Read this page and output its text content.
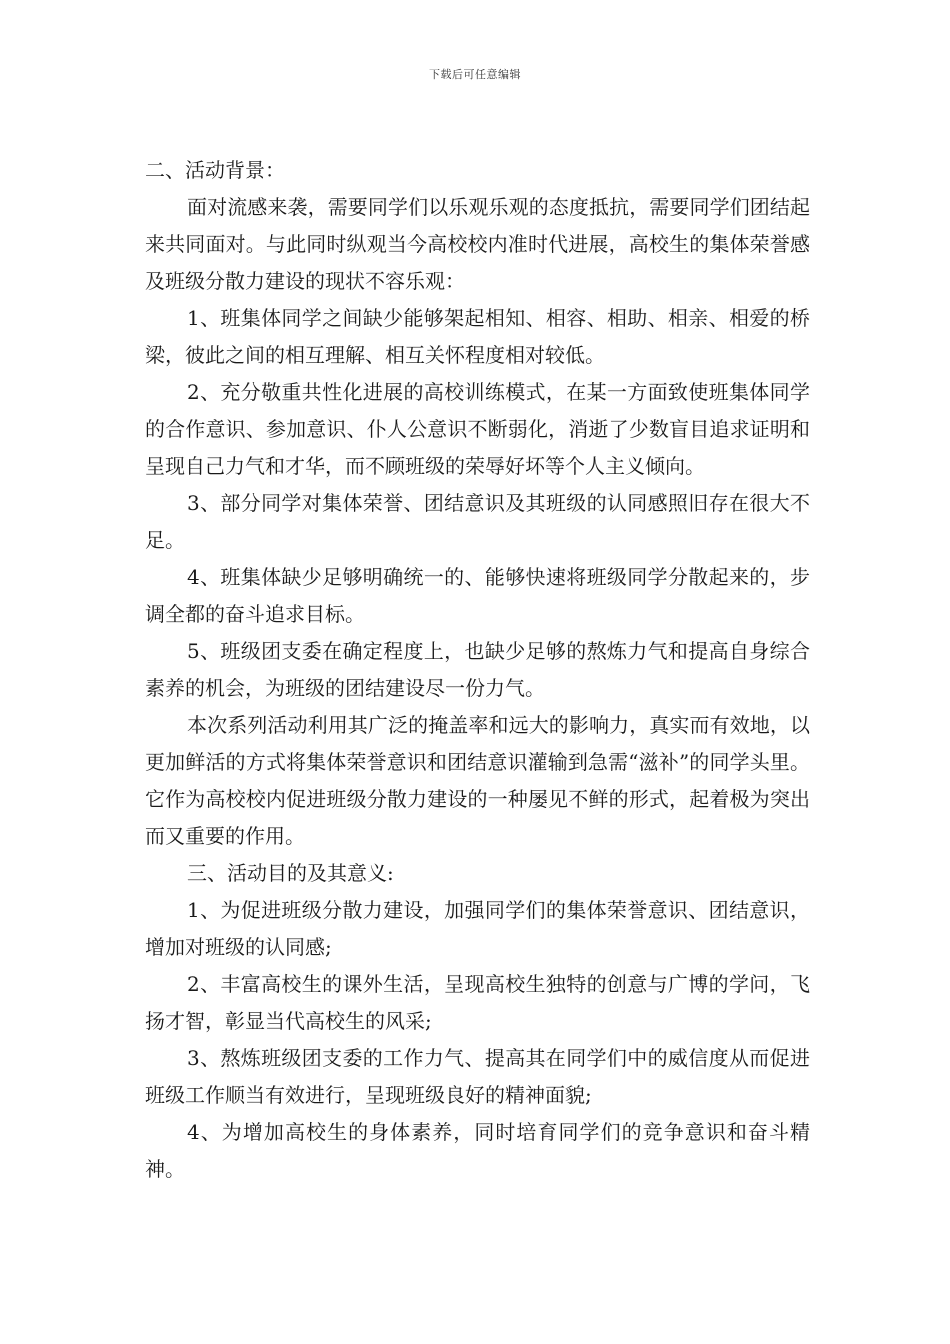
下载后可任意编辑

二、活动背景：

面对流感来袭，需要同学们以乐观乐观的态度抵抗，需要同学们团结起来共同面对。与此同时纵观当今高校校内准时代进展，高校生的集体荣誉感及班级分散力建设的现状不容乐观：

1、班集体同学之间缺少能够架起相知、相容、相助、相亲、相爱的桥梁，彼此之间的相互理解、相互关怀程度相对较低。

2、充分敬重共性化进展的高校训练模式，在某一方面致使班集体同学的合作意识、参加意识、仆人公意识不断弱化，消逝了少数盲目追求证明和呈现自己力气和才华，而不顾班级的荣辱好坏等个人主义倾向。

3、部分同学对集体荣誉、团结意识及其班级的认同感照旧存在很大不足。

4、班集体缺少足够明确统一的、能够快速将班级同学分散起来的，步调全都的奋斗追求目标。

5、班级团支委在确定程度上，也缺少足够的熬炼力气和提高自身综合素养的机会，为班级的团结建设尽一份力气。

本次系列活动利用其广泛的掩盖率和远大的影响力，真实而有效地，以更加鲜活的方式将集体荣誉意识和团结意识灌输到急需“滋补”的同学头里。它作为高校校内促进班级分散力建设的一种屡见不鲜的形式，起着极为突出而又重要的作用。

三、活动目的及其意义:

1、为促进班级分散力建设，加强同学们的集体荣誉意识、团结意识，增加对班级的认同感;

2、丰富高校生的课外生活，呈现高校生独特的创意与广博的学问，飞扬才智，彰显当代高校生的风采;

3、熬炼班级团支委的工作力气、提高其在同学们中的威信度从而促进班级工作顺当有效进行，呈现班级良好的精神面貌;

4、为增加高校生的身体素养，同时培育同学们的竞争意识和奋斗精神。
